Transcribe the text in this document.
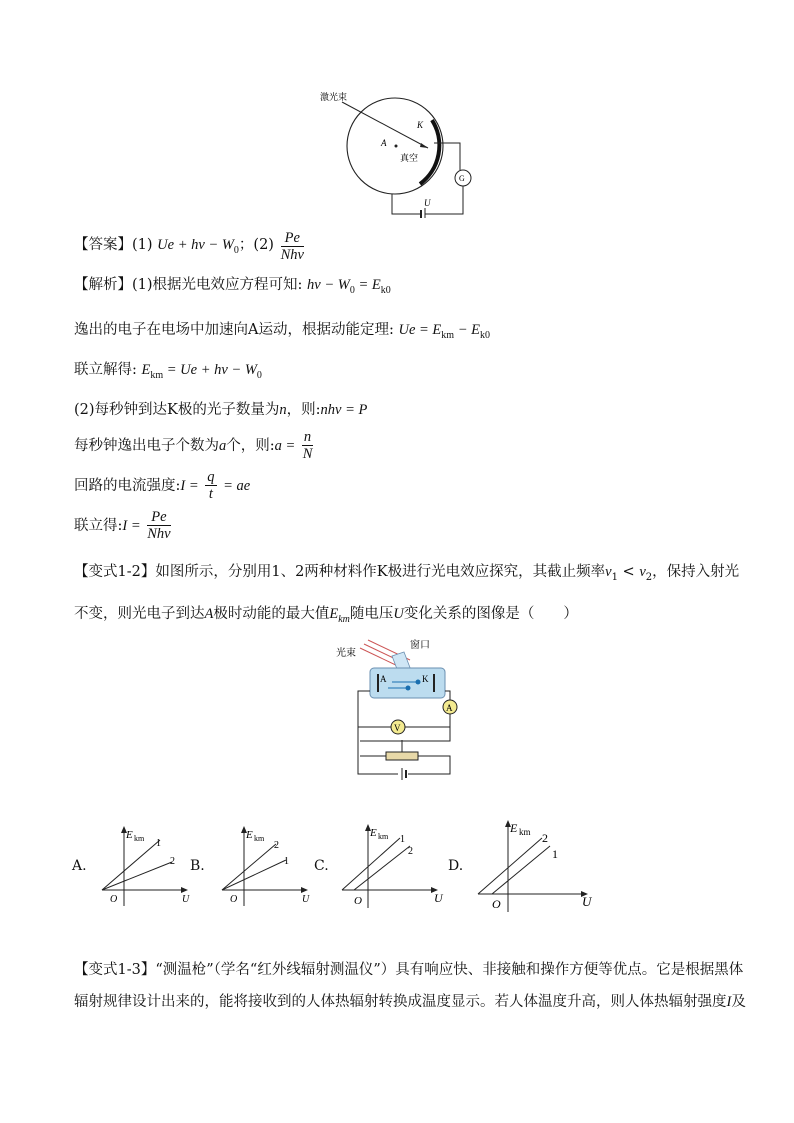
激光束
A
K
真空
G
U
【答案】(1) $Ue + h\nu - W_0$；$(2) \frac{Pe}{\text{Nhν}}$
【解析】(1)根据光电效应方程可知: $h\nu - W_0 = E_{k0}$
逸出的电子在电场中加速向A运动，根据动能定理: $Ue = E_{km} - E_{k0}$
联立解得: $E_{km} = Ue + h\nu - W_0$
(2)每秒钟到达K极的光子数量为n，则:nhν = P
每秒钟逸出电子个数为a个，则:a = $\frac{n}{N}$
回路的电流强度:I = $\frac{q}{t}$ = ae
联立得:I = $\frac{Pe}{\text{Nhν}}$
【变式1-2】如图所示，分别用1、2两种材料作K极进行光电效应探究，其截止频率$\nu_1 < \nu_2$，保持入射光
不变，则光电子到达A极时动能的最大值$E_{km}$随电压U变化关系的图像是（　　）
光束
窗口
A	K
V
A
A.
E km 1
2
O	U
B.
E km
2
1
O	U
C.
E km 1
2
O	U
D.
E km 2
1
O	U
【变式1-3】“测温枪”（学名“红外线辐射测温仪”）具有响应快、非接触和操作方便等优点。它是根据黑体
辐射规律设计出来的，能将接收到的人体热辐射转换成温度显示。若人体温度升高，则人体热辐射强度I及
